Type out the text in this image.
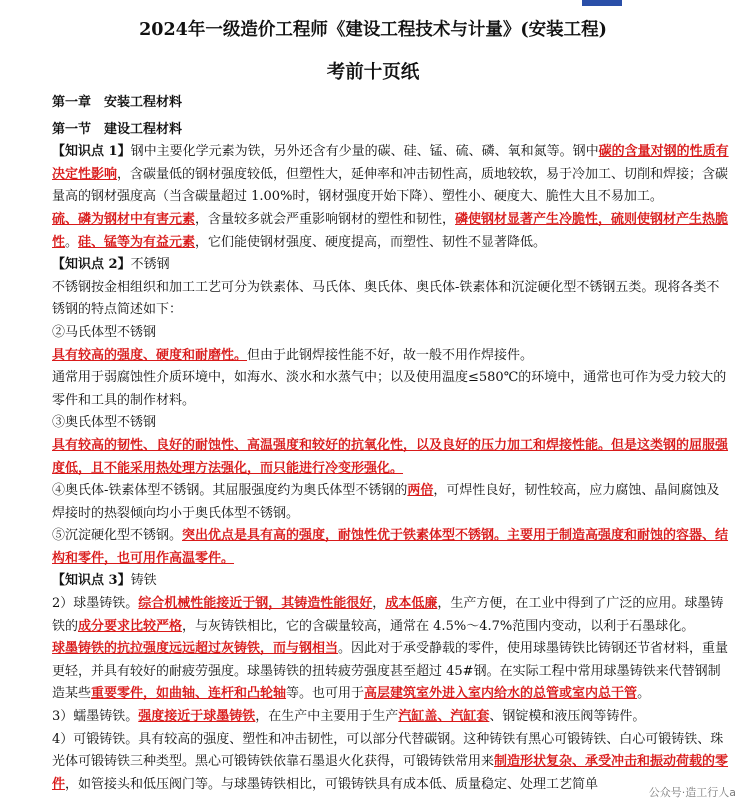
2024年一级造价工程师《建设工程技术与计量》(安装工程)
考前十页纸

第一章　安装工程材料

第一节　建设工程材料

【知识点 1】钢中主要化学元素为铁，另外还含有少量的碳、硅、锰、硫、磷、氧和氮等。钢中碳的含量对钢的性质有决定性影响，含碳量低的钢材强度较低，但塑性大，延伸率和冲击韧性高，质地较软，易于冷加工、切削和焊接；含碳量高的钢材强度高（当含碳量超过 1.00%时，钢材强度开始下降）、塑性小、硬度大、脆性大且不易加工。

硫、磷为钢材中有害元素，含量较多就会严重影响钢材的塑性和韧性，磷使钢材显著产生冷脆性，硫则使钢材产生热脆性。硅、锰等为有益元素，它们能使钢材强度、硬度提高，而塑性、韧性不显著降低。

【知识点 2】不锈钢

不锈钢按金相组织和加工工艺可分为铁素体、马氏体、奥氏体、奥氏体-铁素体和沉淀硬化型不锈钢五类。现将各类不锈钢的特点简述如下：

②马氏体型不锈钢

具有较高的强度、硬度和耐磨性。但由于此钢焊接性能不好，故一般不用作焊接件。

通常用于弱腐蚀性介质环境中，如海水、淡水和水蒸气中；以及使用温度≤580℃的环境中，通常也可作为受力较大的零件和工具的制作材料。

③奥氏体型不锈钢

具有较高的韧性、良好的耐蚀性、高温强度和较好的抗氧化性，以及良好的压力加工和焊接性能。但是这类钢的屈服强度低，且不能采用热处理方法强化，而只能进行冷变形强化。

④奥氏体-铁素体型不锈钢。其屈服强度约为奥氏体型不锈钢的两倍，可焊性良好，韧性较高，应力腐蚀、晶间腐蚀及焊接时的热裂倾向均小于奥氏体型不锈钢。

⑤沉淀硬化型不锈钢。突出优点是具有高的强度，耐蚀性优于铁素体型不锈钢。主要用于制造高强度和耐蚀的容器、结构和零件，也可用作高温零件。

【知识点 3】铸铁

2）球墨铸铁。综合机械性能接近于钢，其铸造性能很好，成本低廉，生产方便，在工业中得到了广泛的应用。球墨铸铁的成分要求比较严格，与灰铸铁相比，它的含碳量较高，通常在 4.5%～4.7%范围内变动，以利于石墨球化。

球墨铸铁的抗拉强度远远超过灰铸铁，而与钢相当。因此对于承受静载的零件，使用球墨铸铁比铸钢还节省材料，重量更轻，并具有较好的耐疲劳强度。球墨铸铁的扭转疲劳强度甚至超过 45#钢。在实际工程中常用球墨铸铁来代替钢制造某些重要零件，如曲轴、连杆和凸轮轴等。也可用于高层建筑室外进入室内给水的总管或室内总干管。

3）蠕墨铸铁。强度接近于球墨铸铁，在生产中主要用于生产汽缸盖、汽缸套、钢锭模和液压阀等铸件。

4）可锻铸铁。具有较高的强度、塑性和冲击韧性，可以部分代替碳钢。这种铸铁有黑心可锻铸铁、白心可锻铸铁、珠光体可锻铸铁三种类型。黑心可锻铸铁依靠石墨退火化获得，可锻铸铁常用来制造形状复杂、承受冲击和振动荷载的零件，如管接头和低压阀门等。与球墨铸铁相比，可锻铸铁具有成本低、质量稳定、处理工艺简单

公众号·造工行人a
